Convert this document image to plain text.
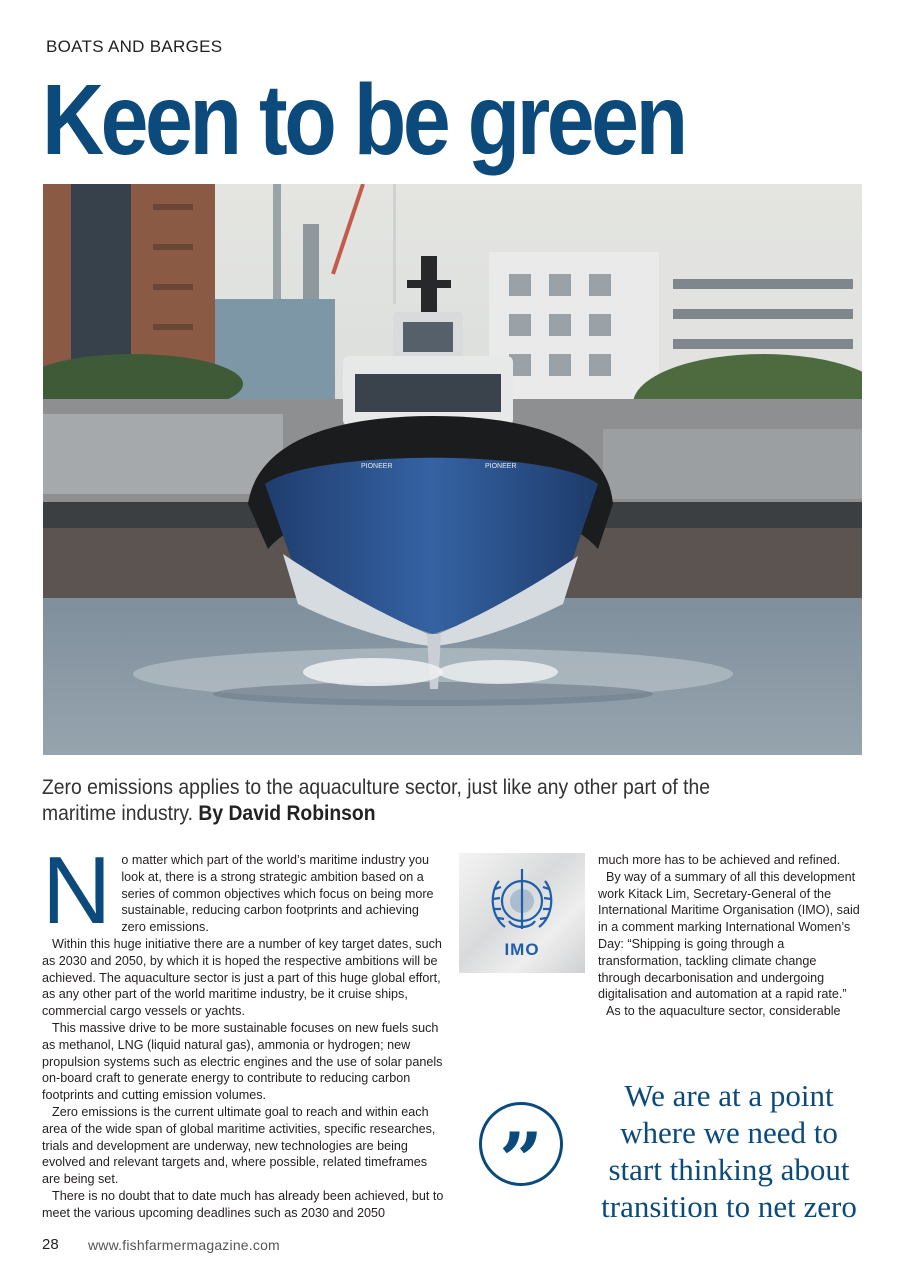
BOATS AND BARGES
Keen to be green
PIONEER	PIONEER
Zero emissions applies to the aquaculture sector, just like any other part of the maritime industry. By David Robinson

No matter which part of the world’s maritime industry you look at, there is a strong strategic ambition based on a series of common objectives which focus on being more sustainable, reducing carbon footprints and achieving zero emissions.

Within this huge initiative there are a number of key target dates, such as 2030 and 2050, by which it is hoped the respective ambitions will be achieved. The aquaculture sector is just a part of this huge global effort, as any other part of the world maritime industry, be it cruise ships, commercial cargo vessels or yachts.

This massive drive to be more sustainable focuses on new fuels such as methanol, LNG (liquid natural gas), ammonia or hydrogen; new propulsion systems such as electric engines and the use of solar panels on-board craft to generate energy to contribute to reducing carbon footprints and cutting emission volumes.

Zero emissions is the current ultimate goal to reach and within each area of the wide span of global maritime activities, specific researches, trials and development are underway, new technologies are being evolved and relevant targets and, where possible, related timeframes are being set.

There is no doubt that to date much has already been achieved, but to meet the various upcoming deadlines such as 2030 and 2050

IMO

much more has to be achieved and refined.

By way of a summary of all this development work Kitack Lim, Secretary-General of the International Maritime Organisation (IMO), said in a comment marking International Women’s Day: “Shipping is going through a transformation, tackling climate change through decarbonisation and undergoing digitalisation and automation at a rapid rate.”

As to the aquaculture sector, considerable

”
We are at a point where we need to start thinking about transition to net zero
28 www.fishfarmermagazine.com
